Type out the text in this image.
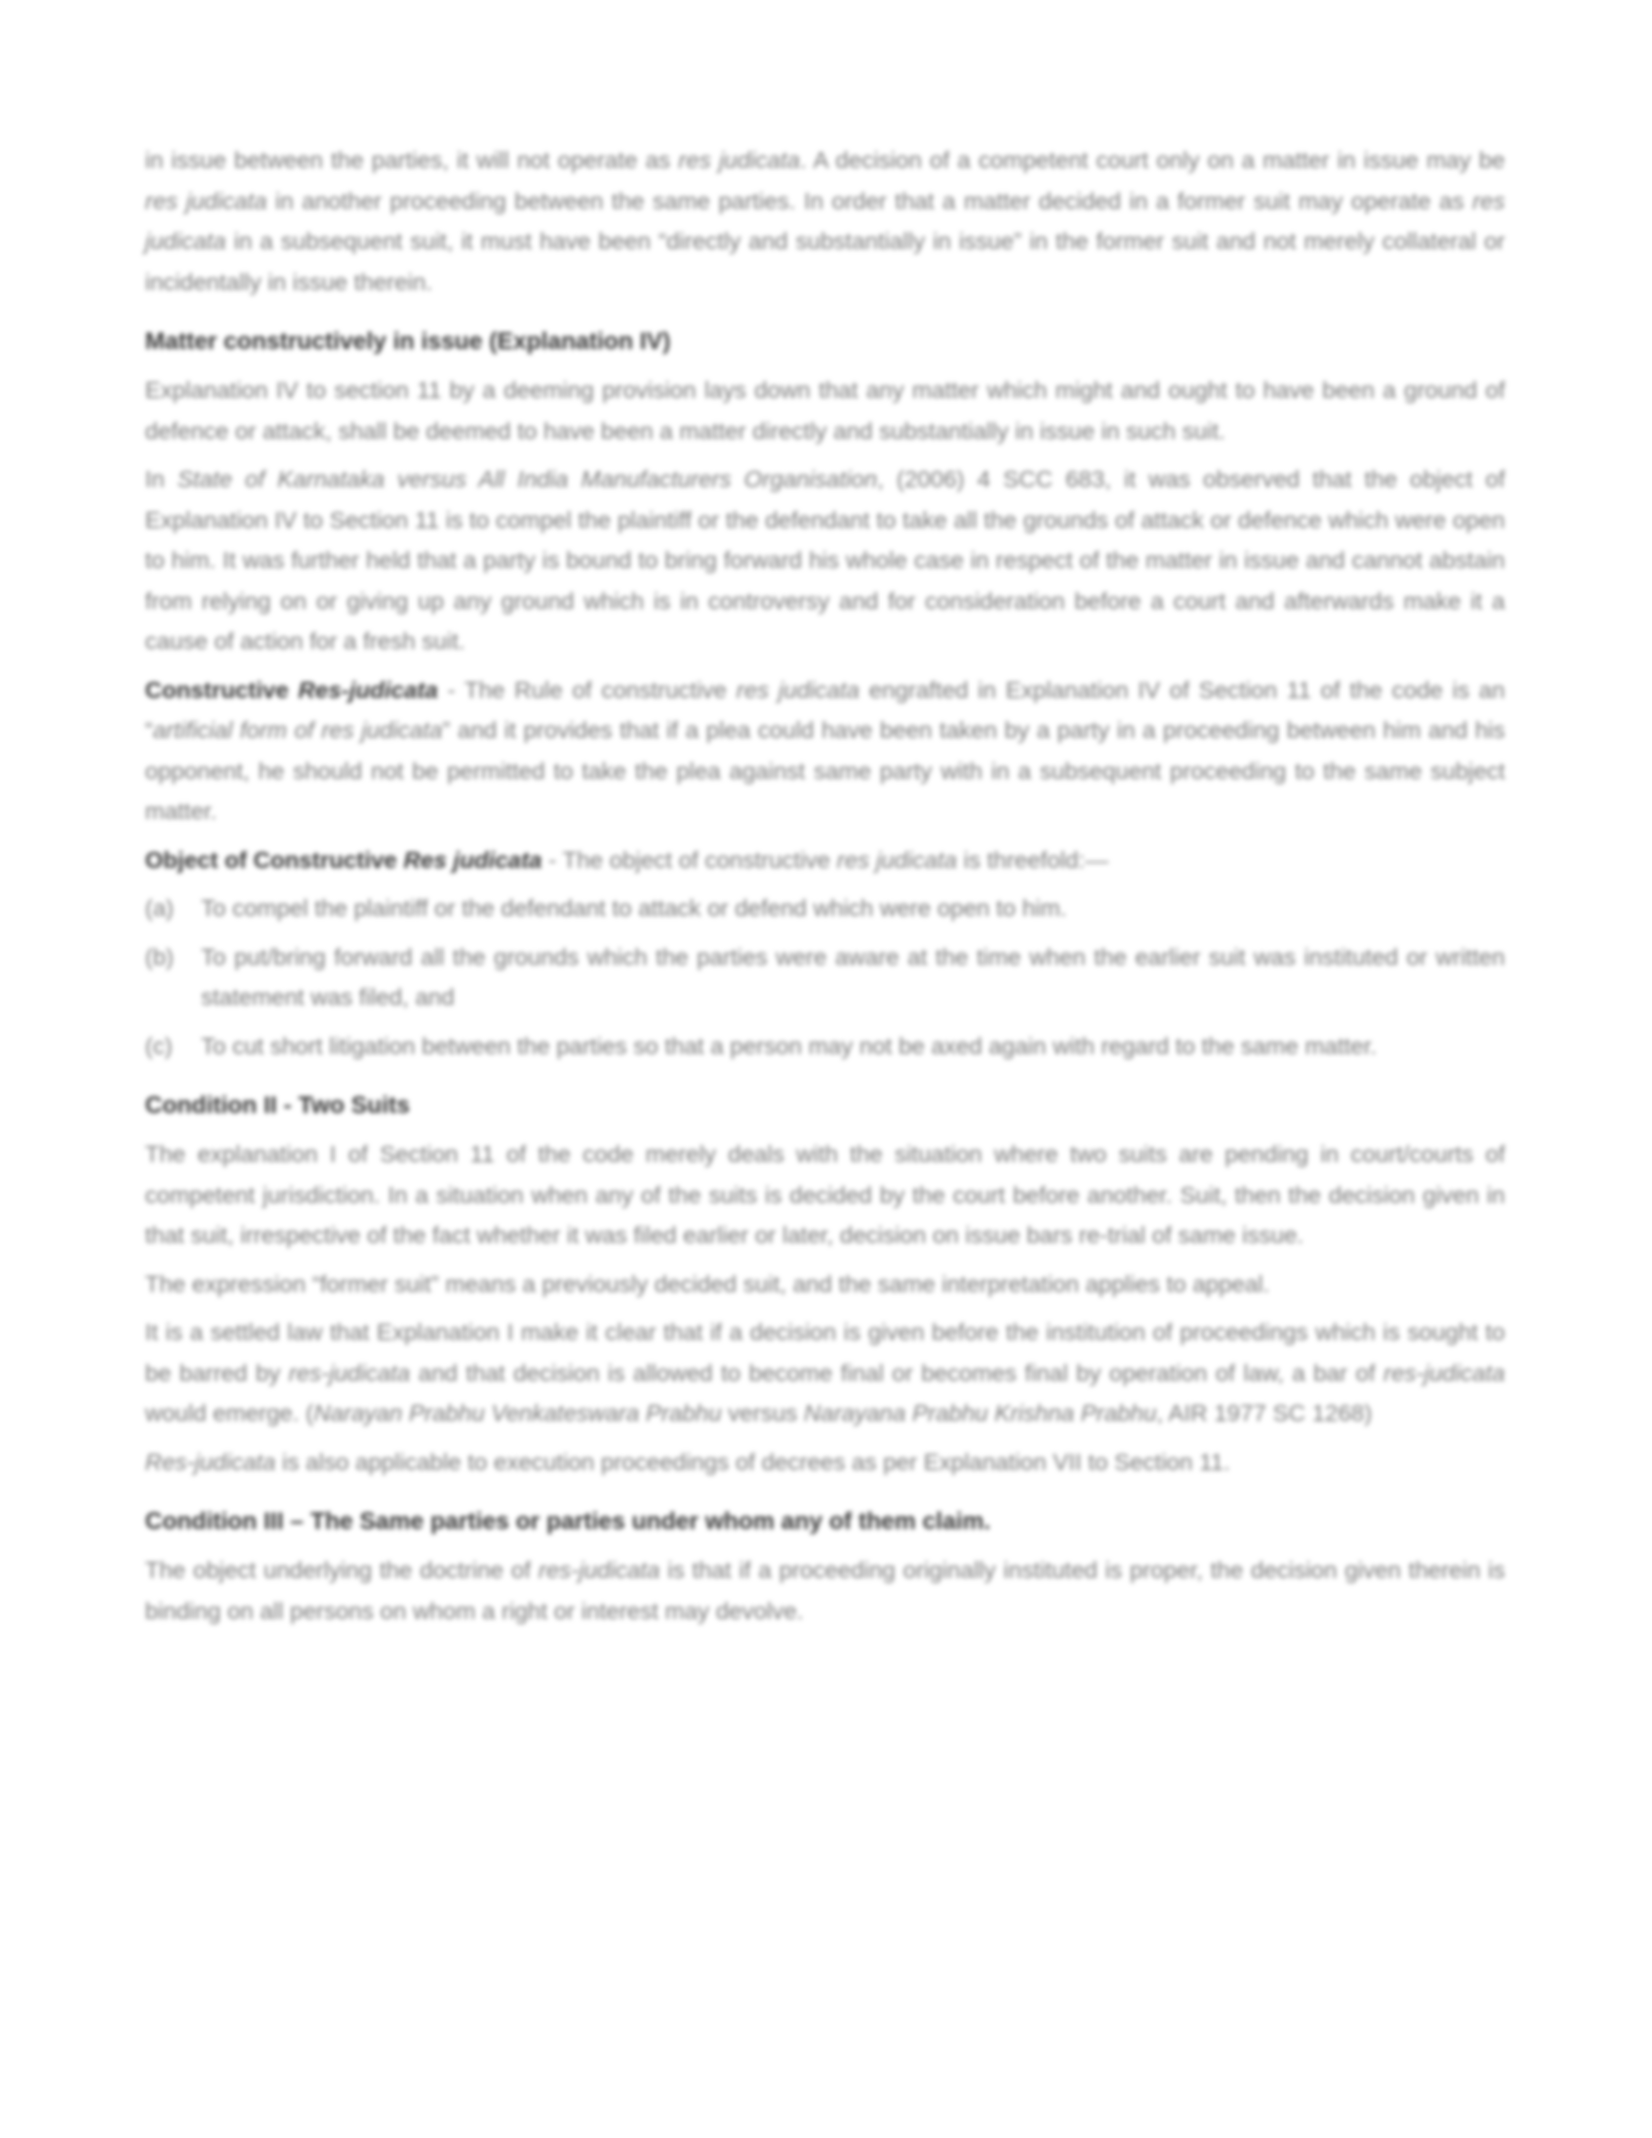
in issue between the parties, it will not operate as res judicata. A decision of a competent court only on a matter in issue may be res judicata in another proceeding between the same parties. In order that a matter decided in a former suit may operate as res judicata in a subsequent suit, it must have been “directly and substantially in issue” in the former suit and not merely collateral or incidentally in issue therein.

Matter constructively in issue (Explanation IV)

Explanation IV to section 11 by a deeming provision lays down that any matter which might and ought to have been a ground of defence or attack, shall be deemed to have been a matter directly and substantially in issue in such suit.

In State of Karnataka versus All India Manufacturers Organisation, (2006) 4 SCC 683, it was observed that the object of Explanation IV to Section 11 is to compel the plaintiff or the defendant to take all the grounds of attack or defence which were open to him. It was further held that a party is bound to bring forward his whole case in respect of the matter in issue and cannot abstain from relying on or giving up any ground which is in controversy and for consideration before a court and afterwards make it a cause of action for a fresh suit.

Constructive Res-judicata - The Rule of constructive res judicata engrafted in Explanation IV of Section 11 of the code is an “artificial form of res judicata” and it provides that if a plea could have been taken by a party in a proceeding between him and his opponent, he should not be permitted to take the plea against same party with in a subsequent proceeding to the same subject matter.

Object of Constructive Res judicata - The object of constructive res judicata is threefold:—

(a)	To compel the plaintiff or the defendant to attack or defend which were open to him.
(b)	To put/bring forward all the grounds which the parties were aware at the time when the earlier suit was instituted or written statement was filed, and
(c)	To cut short litigation between the parties so that a person may not be axed again with regard to the same matter.
Condition II - Two Suits

The explanation I of Section 11 of the code merely deals with the situation where two suits are pending in court/courts of competent jurisdiction. In a situation when any of the suits is decided by the court before another. Suit, then the decision given in that suit, irrespective of the fact whether it was filed earlier or later, decision on issue bars re-trial of same issue.

The expression “former suit” means a previously decided suit, and the same interpretation applies to appeal.

It is a settled law that Explanation I make it clear that if a decision is given before the institution of proceedings which is sought to be barred by res-judicata and that decision is allowed to become final or becomes final by operation of law, a bar of res-judicata would emerge. (Narayan Prabhu Venkateswara Prabhu versus Narayana Prabhu Krishna Prabhu, AIR 1977 SC 1268)

Res-judicata is also applicable to execution proceedings of decrees as per Explanation VII to Section 11.

Condition III – The Same parties or parties under whom any of them claim.

The object underlying the doctrine of res-judicata is that if a proceeding originally instituted is proper, the decision given therein is binding on all persons on whom a right or interest may devolve.
